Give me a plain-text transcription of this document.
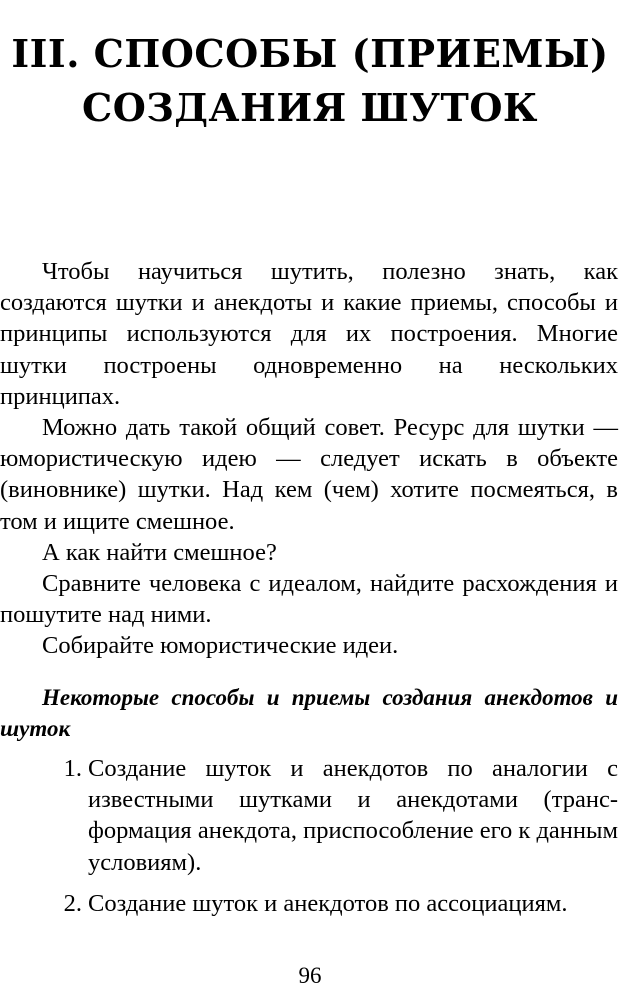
III. СПОСОБЫ (ПРИЕМЫ)
СОЗДАНИЯ ШУТОК

Чтобы научиться шутить, полезно знать, как создаются шутки и анекдоты и какие приемы, способы и принципы используются для их построения. Многие шутки построены одновременно на нескольких принципах.

Можно дать такой общий совет. Ресурс для шутки — юмористическую идею — следует искать в объекте (виновнике) шутки. Над кем (чем) хотите посмеяться, в том и ищите смешное.

А как найти смешное?

Сравните человека с идеалом, найдите расхождения и пошутите над ними.

Собирайте юмористические идеи.

Некоторые способы и приемы создания анекдотов и шуток
1. Создание шуток и анекдотов по аналогии с известными шутками и анекдотами (трансформация анекдота, приспособление его к данным условиям).
2. Создание шуток и анекдотов по ассоциациям.
96
